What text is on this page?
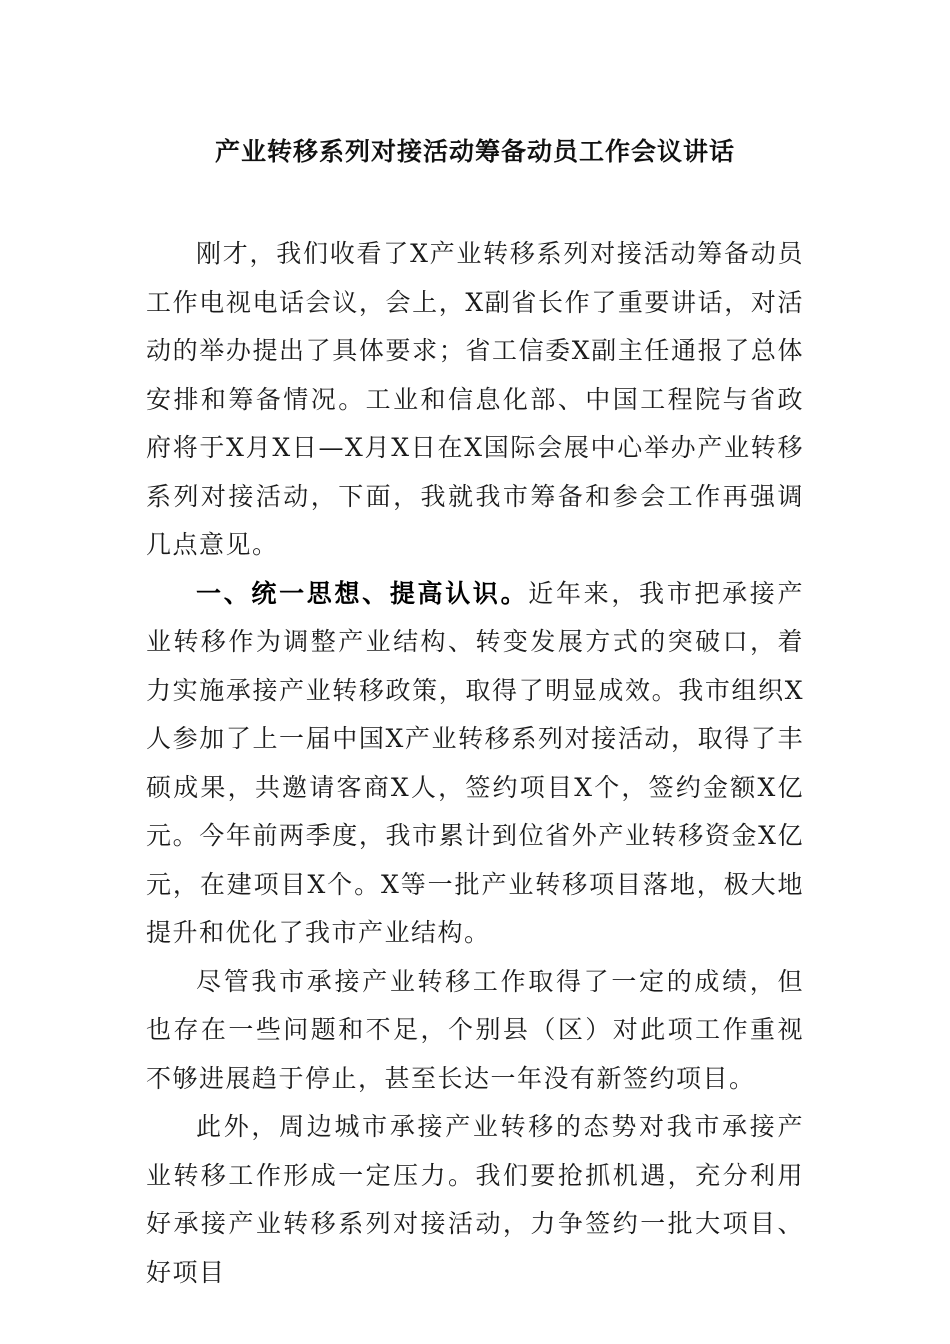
产业转移系列对接活动筹备动员工作会议讲话

刚才，我们收看了X产业转移系列对接活动筹备动员工作电视电话会议，会上，X副省长作了重要讲话，对活动的举办提出了具体要求；省工信委X副主任通报了总体安排和筹备情况。工业和信息化部、中国工程院与省政府将于X月X日—X月X日在X国际会展中心举办产业转移系列对接活动，下面，我就我市筹备和参会工作再强调几点意见。

一、统一思想、提高认识。近年来，我市把承接产业转移作为调整产业结构、转变发展方式的突破口，着力实施承接产业转移政策，取得了明显成效。我市组织X人参加了上一届中国X产业转移系列对接活动，取得了丰硕成果，共邀请客商X人，签约项目X个，签约金额X亿元。今年前两季度，我市累计到位省外产业转移资金X亿元，在建项目X个。X等一批产业转移项目落地，极大地提升和优化了我市产业结构。

尽管我市承接产业转移工作取得了一定的成绩，但也存在一些问题和不足，个别县（区）对此项工作重视不够进展趋于停止，甚至长达一年没有新签约项目。

此外，周边城市承接产业转移的态势对我市承接产业转移工作形成一定压力。我们要抢抓机遇，充分利用好承接产业转移系列对接活动，力争签约一批大项目、好项目
